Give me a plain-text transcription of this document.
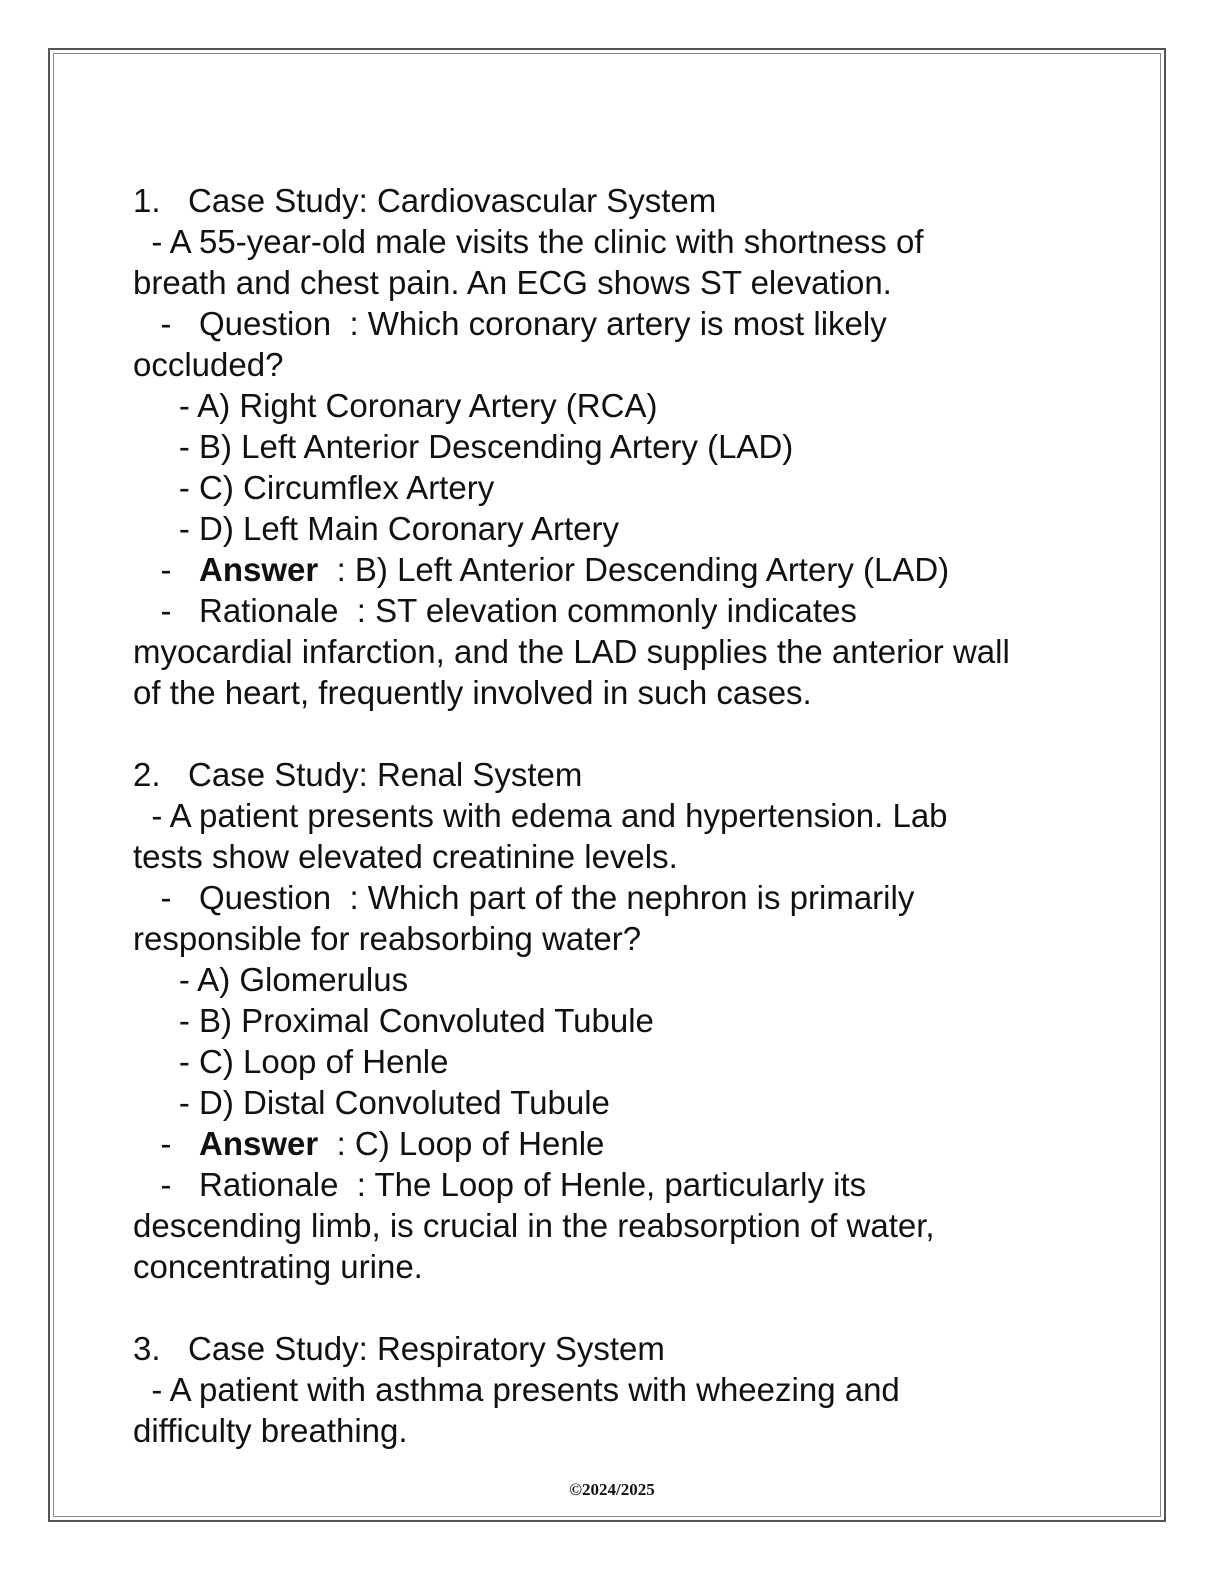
1. Case Study: Cardiovascular System
- A 55-year-old male visits the clinic with shortness of
breath and chest pain. An ECG shows ST elevation.
-   Question : Which coronary artery is most likely
occluded?
- A) Right Coronary Artery (RCA)
- B) Left Anterior Descending Artery (LAD)
- C) Circumflex Artery
- D) Left Main Coronary Artery
-   Answer : B) Left Anterior Descending Artery (LAD)
-   Rationale : ST elevation commonly indicates
myocardial infarction, and the LAD supplies the anterior wall
of the heart, frequently involved in such cases.
2. Case Study: Renal System
- A patient presents with edema and hypertension. Lab
tests show elevated creatinine levels.
-   Question : Which part of the nephron is primarily
responsible for reabsorbing water?
- A) Glomerulus
- B) Proximal Convoluted Tubule
- C) Loop of Henle
- D) Distal Convoluted Tubule
-   Answer : C) Loop of Henle
-   Rationale : The Loop of Henle, particularly its
descending limb, is crucial in the reabsorption of water,
concentrating urine.
3. Case Study: Respiratory System
- A patient with asthma presents with wheezing and
difficulty breathing.
©2024/2025
